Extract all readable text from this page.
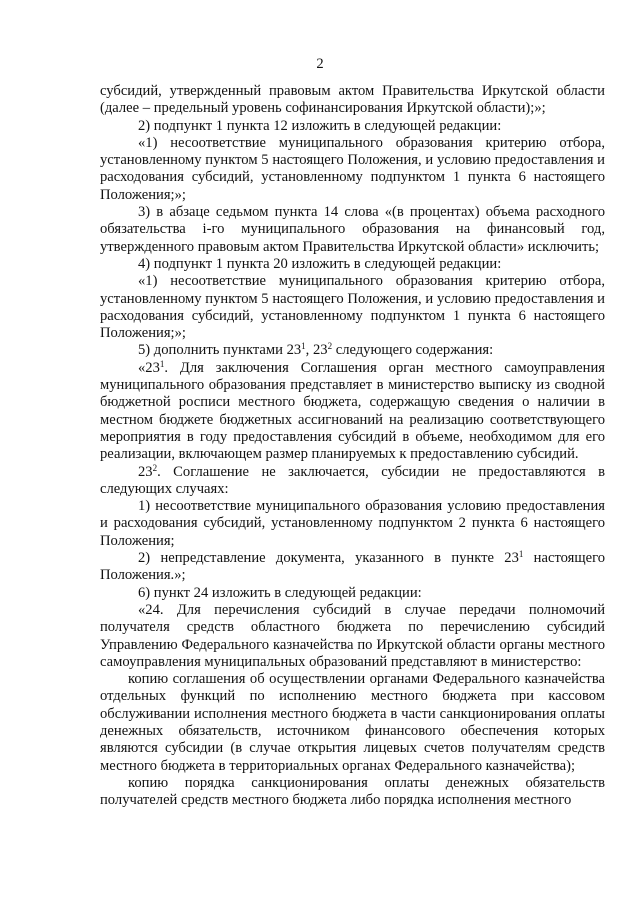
2

субсидий, утвержденный правовым актом Правительства Иркутской области (далее – предельный уровень софинансирования Иркутской области);»;

2) подпункт 1 пункта 12 изложить в следующей редакции:

«1) несоответствие муниципального образования критерию отбора, установленному пунктом 5 настоящего Положения, и условию предоставления и расходования субсидий, установленному подпунктом 1 пункта 6 настоящего Положения;»;

3) в абзаце седьмом пункта 14 слова «(в процентах) объема расходного обязательства i-го муниципального образования на финансовый год, утвержденного правовым актом Правительства Иркутской области» исключить;

4) подпункт 1 пункта 20 изложить в следующей редакции:

«1) несоответствие муниципального образования критерию отбора, установленному пунктом 5 настоящего Положения, и условию предоставления и расходования субсидий, установленному подпунктом 1 пункта 6 настоящего Положения;»;

5) дополнить пунктами $23^1$, $23^2$ следующего содержания:

«$23^1$. Для заключения Соглашения орган местного самоуправления муниципального образования представляет в министерство выписку из сводной бюджетной росписи местного бюджета, содержащую сведения о наличии в местном бюджете бюджетных ассигнований на реализацию соответствующего мероприятия в году предоставления субсидий в объеме, необходимом для его реализации, включающем размер планируемых к предоставлению субсидий.

$23^2$. Соглашение не заключается, субсидии не предоставляются в следующих случаях:

1) несоответствие муниципального образования условию предоставления и расходования субсидий, установленному подпунктом 2 пункта 6 настоящего Положения;

2) непредставление документа, указанного в пункте $23^1$ настоящего Положения.»;

6) пункт 24 изложить в следующей редакции:

«24. Для перечисления субсидий в случае передачи полномочий получателя средств областного бюджета по перечислению субсидий Управлению Федерального казначейства по Иркутской области органы местного самоуправления муниципальных образований представляют в министерство:

копию соглашения об осуществлении органами Федерального казначейства отдельных функций по исполнению местного бюджета при кассовом обслуживании исполнения местного бюджета в части санкционирования оплаты денежных обязательств, источником финансового обеспечения которых являются субсидии (в случае открытия лицевых счетов получателям средств местного бюджета в территориальных органах Федерального казначейства);

копию порядка санкционирования оплаты денежных обязательств получателей средств местного бюджета либо порядка исполнения местного
